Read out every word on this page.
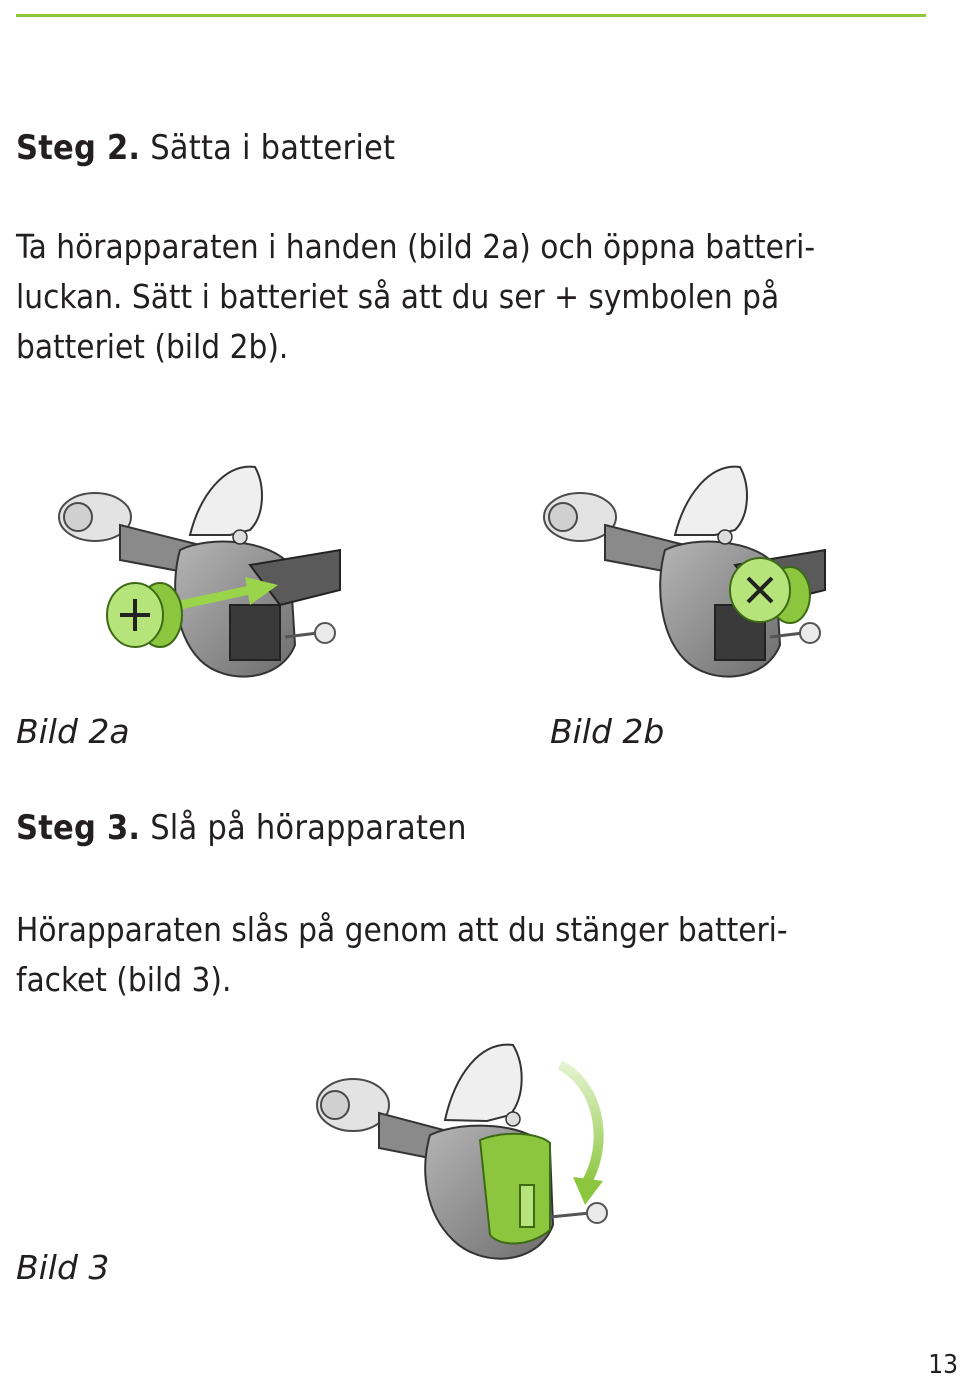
Steg 2. Sätta i batteriet

Ta hörapparaten i handen (bild 2a) och öppna batteri-
luckan. Sätt i batteriet så att du ser + symbolen på
batteriet (bild 2b).

Bild 2a	Bild 2b
Steg 3. Slå på hörapparaten

Hörapparaten slås på genom att du stänger batteri-
facket (bild 3).

Bild 3
13
